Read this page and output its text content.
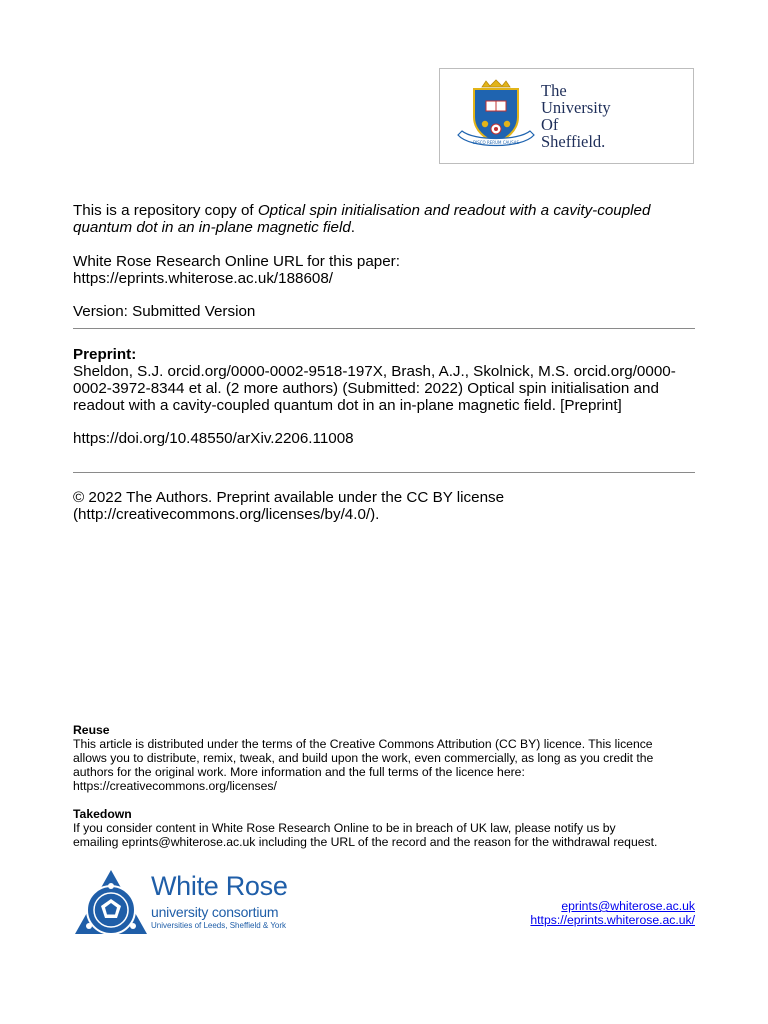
DISCO RERUM CAUSAS
The
University
Of
Sheffield.
This is a repository copy of Optical spin initialisation and readout with a cavity-coupled
quantum dot in an in-plane magnetic field.
White Rose Research Online URL for this paper:
https://eprints.whiterose.ac.uk/188608/
Version: Submitted Version
Preprint:
Sheldon, S.J. orcid.org/0000-0002-9518-197X, Brash, A.J., Skolnick, M.S. orcid.org/0000-
0002-3972-8344 et al. (2 more authors) (Submitted: 2022) Optical spin initialisation and
readout with a cavity-coupled quantum dot in an in-plane magnetic field. [Preprint]
https://doi.org/10.48550/arXiv.2206.11008
© 2022 The Authors. Preprint available under the CC BY license
(http://creativecommons.org/licenses/by/4.0/).
Reuse
This article is distributed under the terms of the Creative Commons Attribution (CC BY) licence. This licence
allows you to distribute, remix, tweak, and build upon the work, even commercially, as long as you credit the
authors for the original work. More information and the full terms of the licence here:
https://creativecommons.org/licenses/
Takedown
If you consider content in White Rose Research Online to be in breach of UK law, please notify us by
emailing eprints@whiterose.ac.uk including the URL of the record and the reason for the withdrawal request.
White Rose
university consortium
Universities of Leeds, Sheffield & York
eprints@whiterose.ac.uk
https://eprints.whiterose.ac.uk/
